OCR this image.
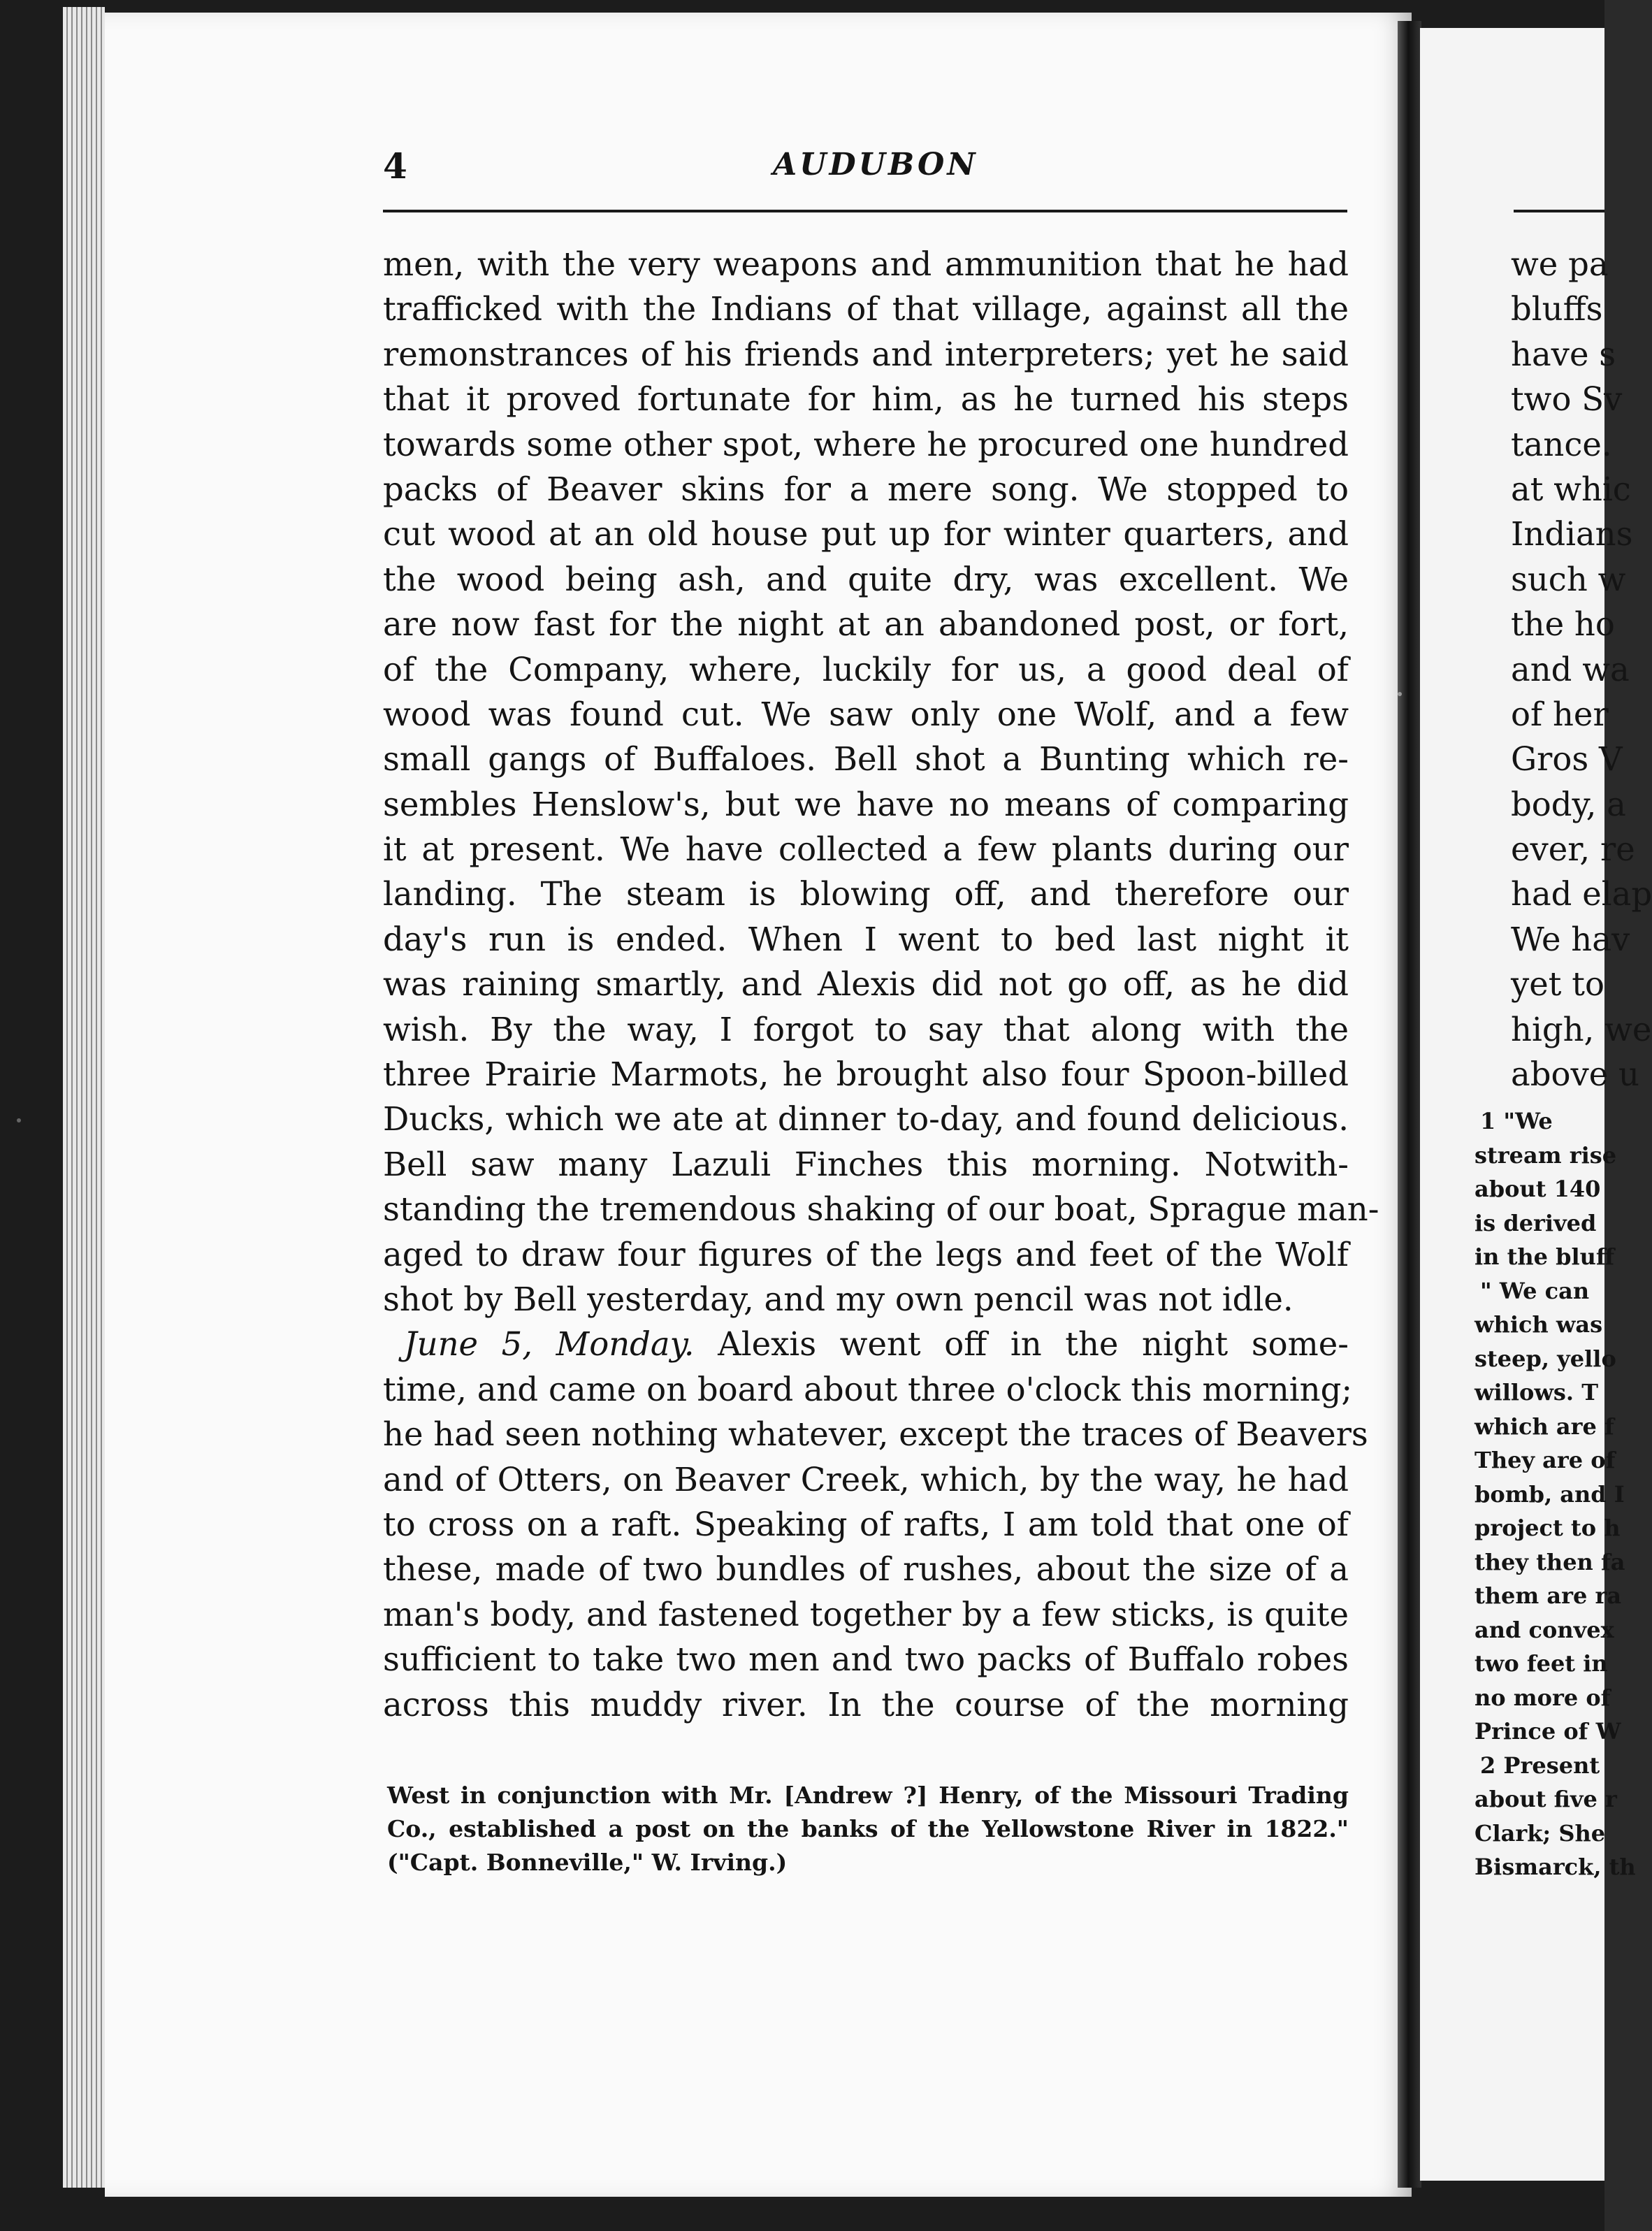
4	AUDUBON
men, with the very weapons and ammunition that he had
trafficked with the Indians of that village, against all the
remonstrances of his friends and interpreters; yet he said
that it proved fortunate for him, as he turned his steps
towards some other spot, where he procured one hundred
packs of Beaver skins for a mere song. We stopped to
cut wood at an old house put up for winter quarters, and
the wood being ash, and quite dry, was excellent. We
are now fast for the night at an abandoned post, or fort,
of the Company, where, luckily for us, a good deal of
wood was found cut. We saw only one Wolf, and a few
small gangs of Buffaloes. Bell shot a Bunting which re-
sembles Henslow's, but we have no means of comparing
it at present. We have collected a few plants during our
landing. The steam is blowing off, and therefore our
day's run is ended. When I went to bed last night it
was raining smartly, and Alexis did not go off, as he did
wish. By the way, I forgot to say that along with the
three Prairie Marmots, he brought also four Spoon-billed
Ducks, which we ate at dinner to-day, and found delicious.
Bell saw many Lazuli Finches this morning. Notwith-
standing the tremendous shaking of our boat, Sprague man-
aged to draw four figures of the legs and feet of the Wolf
shot by Bell yesterday, and my own pencil was not idle.
June 5, Monday. Alexis went off in the night some-
time, and came on board about three o'clock this morning;
he had seen nothing whatever, except the traces of Beavers
and of Otters, on Beaver Creek, which, by the way, he had
to cross on a raft. Speaking of rafts, I am told that one of
these, made of two bundles of rushes, about the size of a
man's body, and fastened together by a few sticks, is quite
sufficient to take two men and two packs of Buffalo robes
across this muddy river. In the course of the morning
West in conjunction with Mr. [Andrew ?] Henry, of the Missouri Trading
Co., established a post on the banks of the Yellowstone River in 1822."
("Capt. Bonneville," W. Irving.)
we pa
bluffs
have s
two Sv
tance.
at whic
Indians
such w
the ho
and wa
of her
Gros V
body, a
ever, re
had elap
We hav
yet to
high, we
above u
1 "We
stream rise
about 140
is derived
in the bluff
" We can
which was
steep, yello
willows. T
which are f
They are of
bomb, and I
project to h
they then fa
them are ra
and convex
two feet in
no more of
Prince of W
2 Present
about five r
Clark; She
Bismarck, th
